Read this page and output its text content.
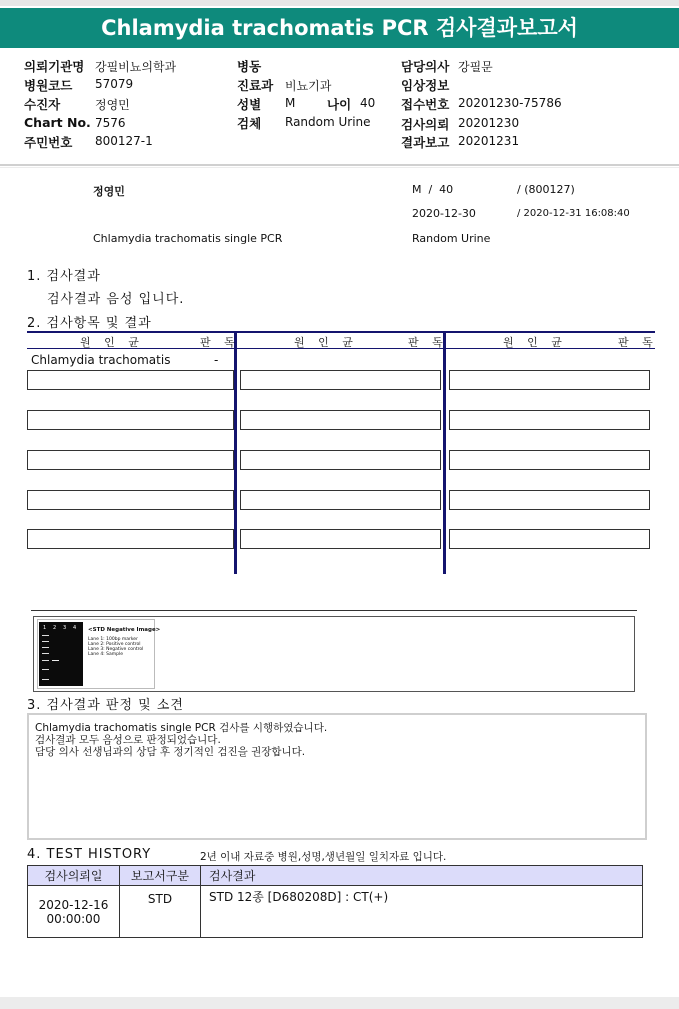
Chlamydia trachomatis PCR 검사결과보고서
의뢰기관명 강필비뇨의학과
병원코드 57079
수진자	정영민
Chart No. 7576
주민번호 800127-1
병동
진료과 비뇨기과
성별 M	나이 40
검체 Random Urine
담당의사 강필문
임상정보
접수번호 20201230-75786
검사의뢰 20201230
결과보고 20201231
정영민	M  /  40	/ (800127)
2020-12-30	/ 2020-12-31 16:08:40
Chlamydia trachomatis single PCR	Random Urine
1. 검사결과
검사결과 음성 입니다.
2. 검사항목 및 결과
원 인 균	판 독	원 인 균	판 독	원 인 균	판 독
Chlamydia trachomatis	-
1 2 3 4 <STD Negative Image>
Lane 1: 100bp marker
Lane 2: Positive control
Lane 3: Negative control
Lane 4: Sample
3. 검사결과 판정 및 소견
Chlamydia trachomatis single PCR 검사를 시행하였습니다.
검사결과 모두 음성으로 판정되었습니다.
담당 의사 선생님과의 상담 후 정기적인 검진을 권장합니다.
4. TEST HISTORY	2년 이내 자료중 병원,성명,생년월일 일치자료 입니다.
검사의뢰일	보고서구분	검사결과

2020-12-16
00:00:00	STD	STD 12종 [D680208D] : CT(+)
